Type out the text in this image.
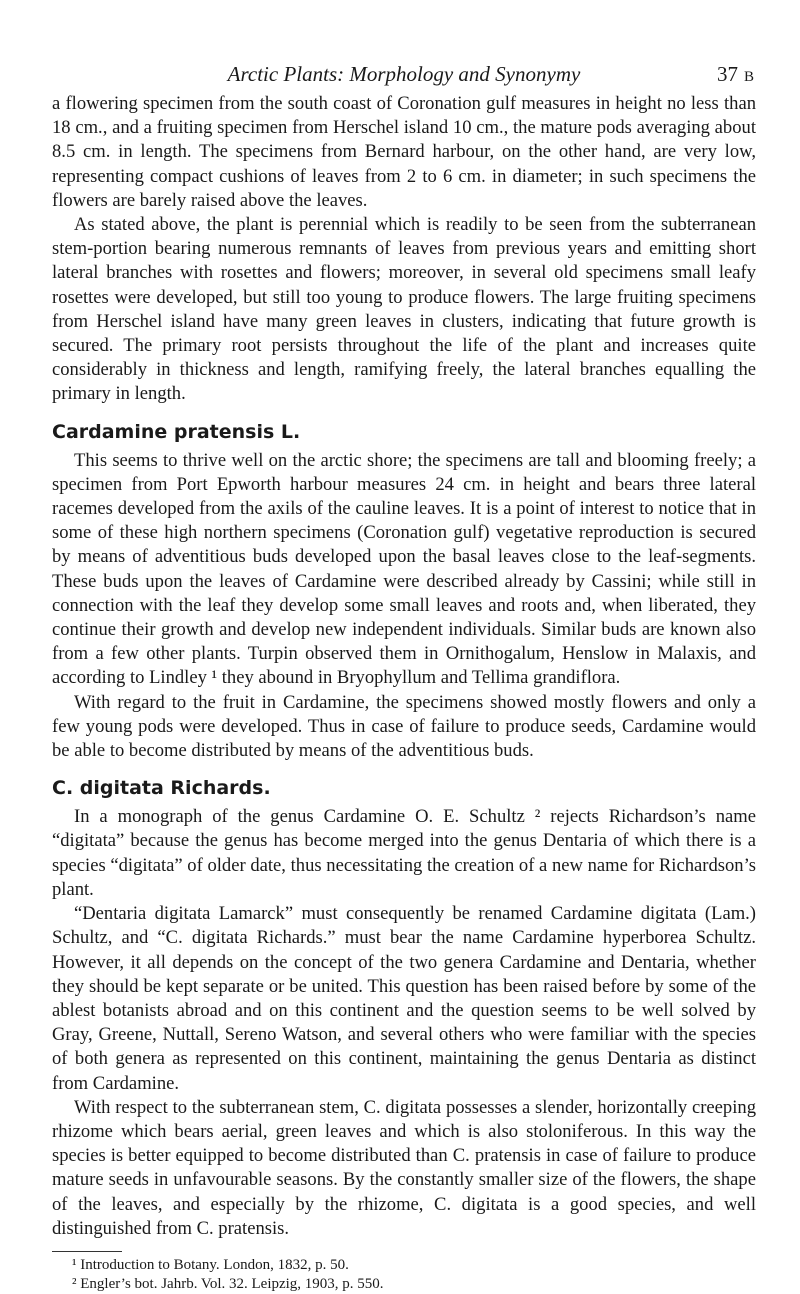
Arctic Plants: Morphology and Synonymy	37 B

a flowering specimen from the south coast of Coronation gulf measures in height no less than 18 cm., and a fruiting specimen from Herschel island 10 cm., the mature pods averaging about 8.5 cm. in length. The specimens from Bernard harbour, on the other hand, are very low, representing compact cushions of leaves from 2 to 6 cm. in diameter; in such specimens the flowers are barely raised above the leaves.

As stated above, the plant is perennial which is readily to be seen from the subterranean stem-portion bearing numerous remnants of leaves from previous years and emitting short lateral branches with rosettes and flowers; moreover, in several old specimens small leafy rosettes were developed, but still too young to produce flowers. The large fruiting specimens from Herschel island have many green leaves in clusters, indicating that future growth is secured. The primary root persists throughout the life of the plant and increases quite considerably in thickness and length, ramifying freely, the lateral branches equalling the primary in length.

Cardamine pratensis L.

This seems to thrive well on the arctic shore; the specimens are tall and blooming freely; a specimen from Port Epworth harbour measures 24 cm. in height and bears three lateral racemes developed from the axils of the cauline leaves. It is a point of interest to notice that in some of these high northern specimens (Coronation gulf) vegetative reproduction is secured by means of adventitious buds developed upon the basal leaves close to the leaf-segments. These buds upon the leaves of Cardamine were described already by Cassini; while still in connection with the leaf they develop some small leaves and roots and, when liberated, they continue their growth and develop new independent individuals. Similar buds are known also from a few other plants. Turpin observed them in Ornithogalum, Henslow in Malaxis, and according to Lindley ¹ they abound in Bryophyllum and Tellima grandiflora.

With regard to the fruit in Cardamine, the specimens showed mostly flowers and only a few young pods were developed. Thus in case of failure to produce seeds, Cardamine would be able to become distributed by means of the adventitious buds.

C. digitata Richards.

In a monograph of the genus Cardamine O. E. Schultz ² rejects Richardson’s name “digitata” because the genus has become merged into the genus Dentaria of which there is a species “digitata” of older date, thus necessitating the creation of a new name for Richardson’s plant.

“Dentaria digitata Lamarck” must consequently be renamed Cardamine digitata (Lam.) Schultz, and “C. digitata Richards.” must bear the name Cardamine hyperborea Schultz. However, it all depends on the concept of the two genera Cardamine and Dentaria, whether they should be kept separate or be united. This question has been raised before by some of the ablest botanists abroad and on this continent and the question seems to be well solved by Gray, Greene, Nuttall, Sereno Watson, and several others who were familiar with the species of both genera as represented on this continent, maintaining the genus Dentaria as distinct from Cardamine.

With respect to the subterranean stem, C. digitata possesses a slender, horizontally creeping rhizome which bears aerial, green leaves and which is also stoloniferous. In this way the species is better equipped to become distributed than C. pratensis in case of failure to produce mature seeds in unfavourable seasons. By the constantly smaller size of the flowers, the shape of the leaves, and especially by the rhizome, C. digitata is a good species, and well distinguished from C. pratensis.

¹ Introduction to Botany. London, 1832, p. 50.

² Engler’s bot. Jahrb. Vol. 32. Leipzig, 1903, p. 550.
